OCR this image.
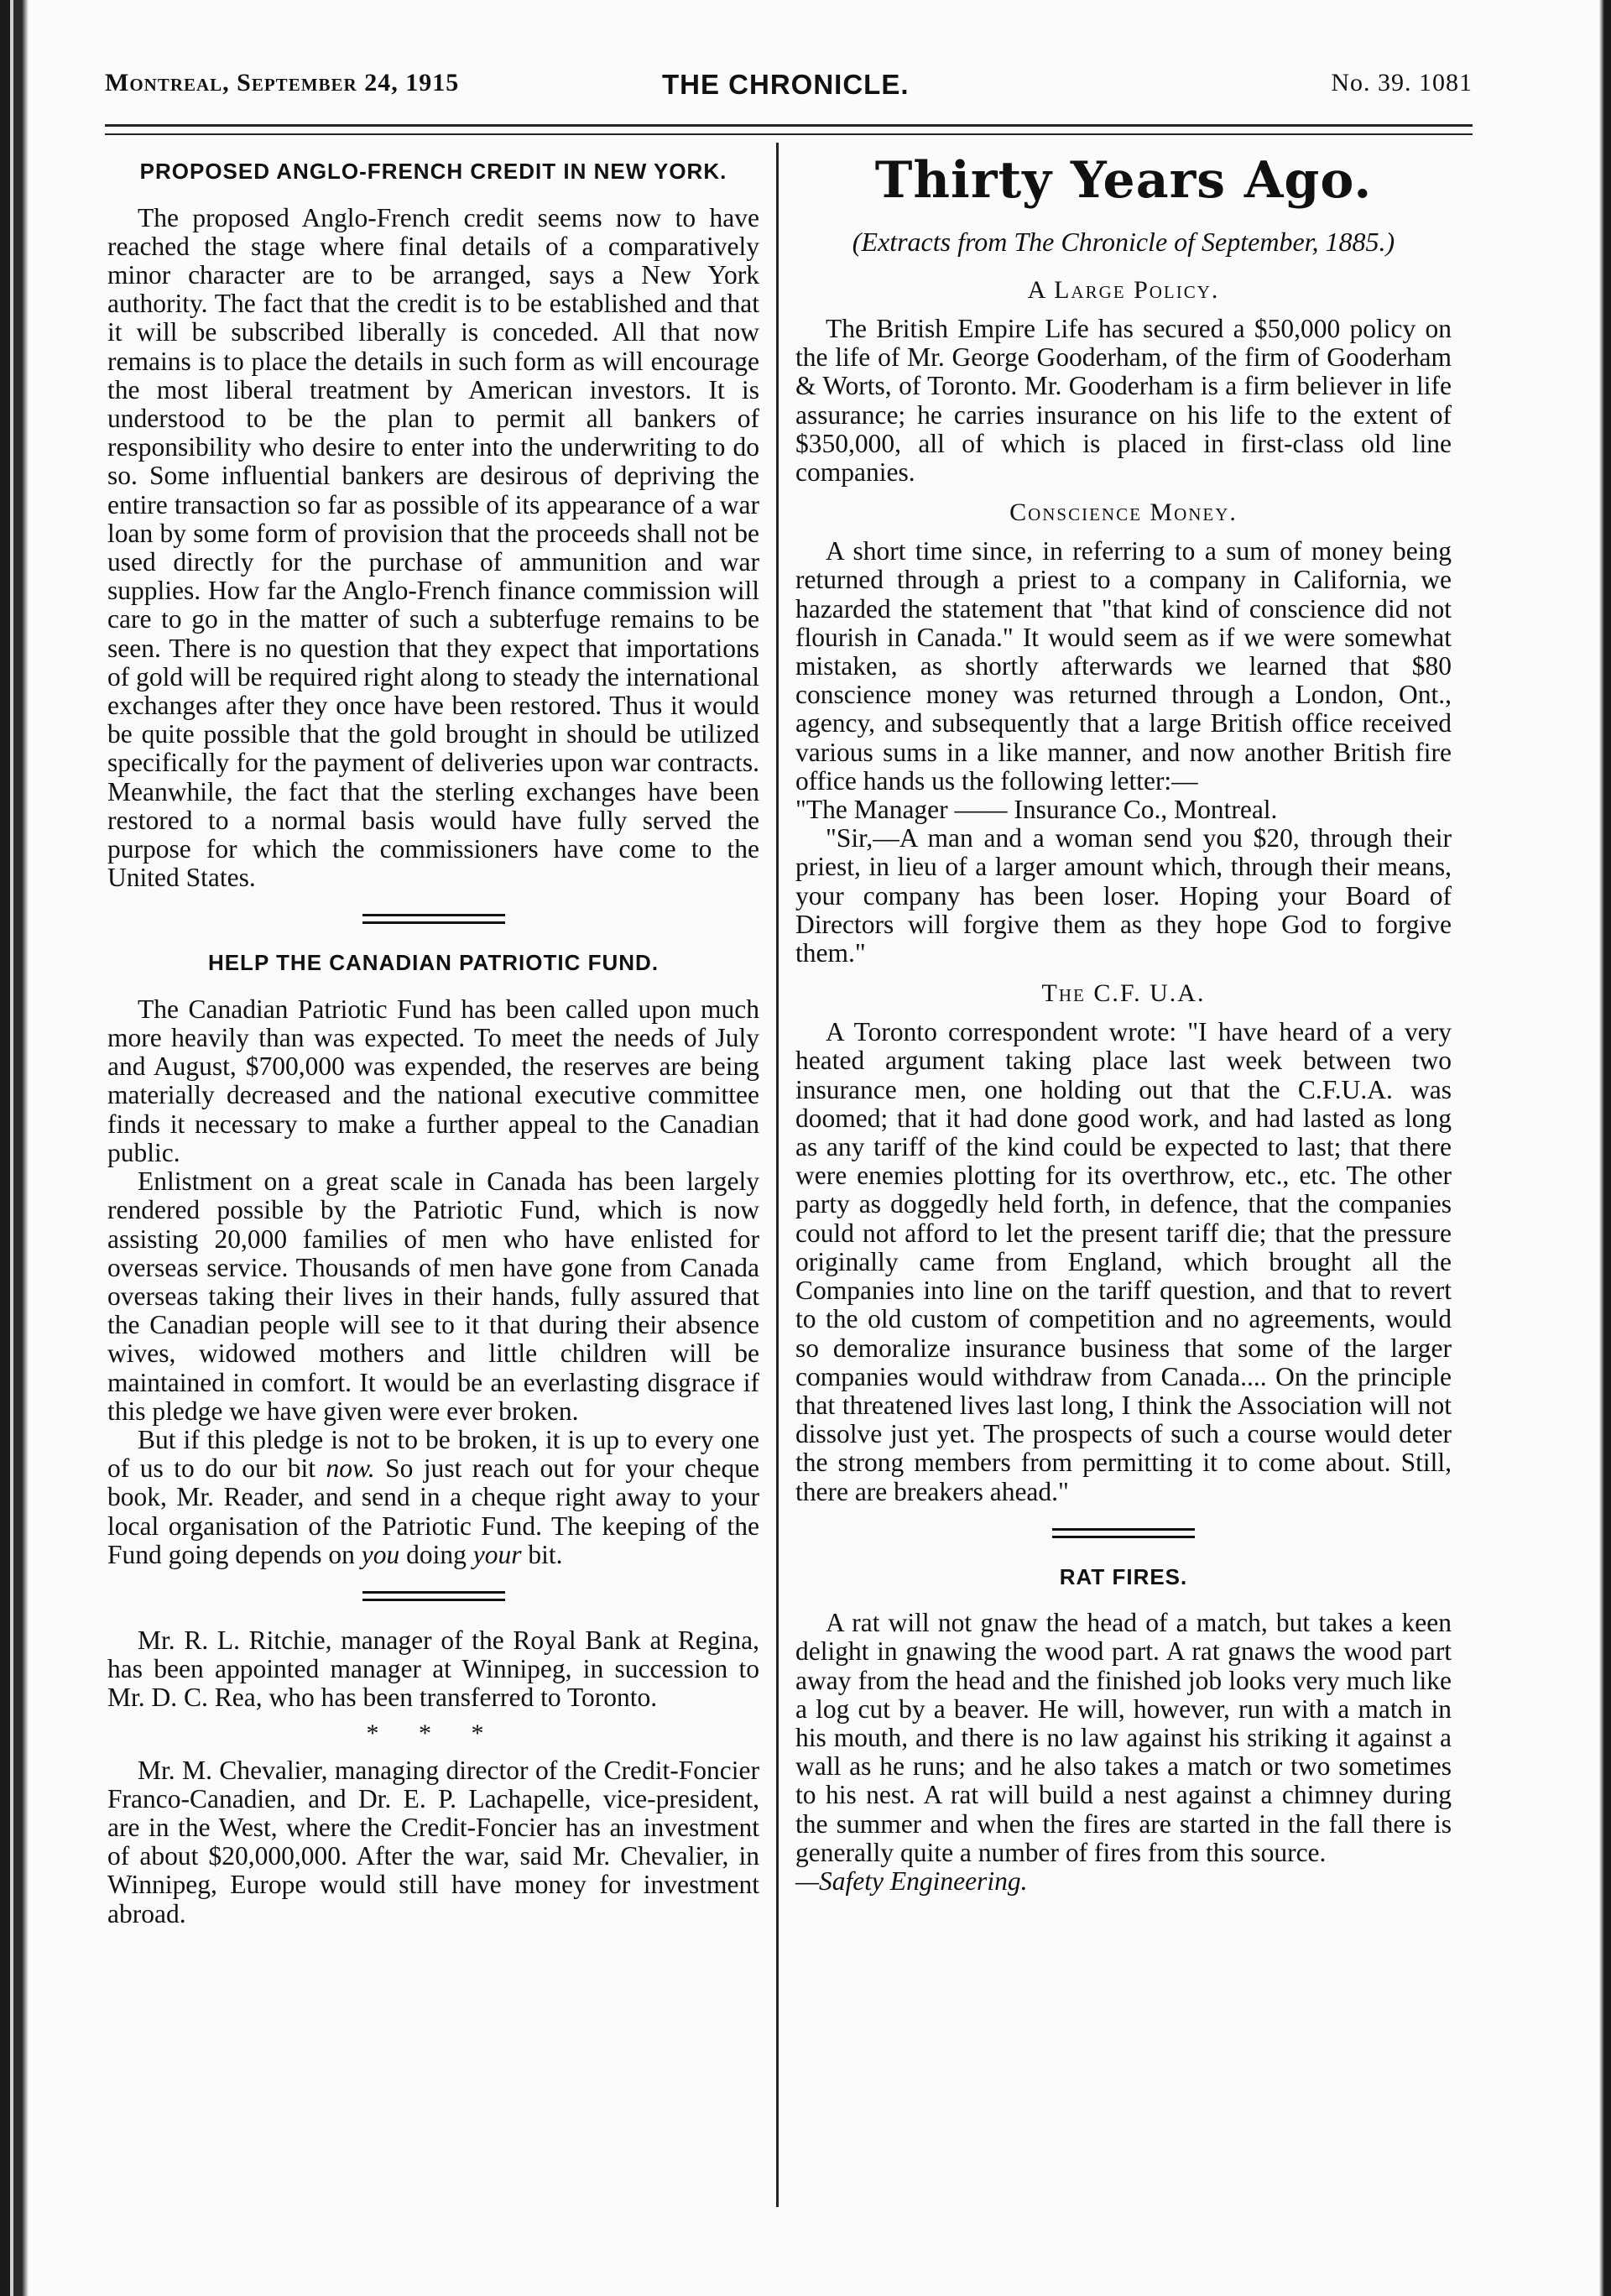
Montreal, September 24, 1915	THE CHRONICLE.	No. 39. 1081
PROPOSED ANGLO-FRENCH CREDIT IN NEW YORK.

The proposed Anglo-French credit seems now to have reached the stage where final details of a comparatively minor character are to be arranged, says a New York authority. The fact that the credit is to be established and that it will be subscribed liberally is conceded. All that now remains is to place the details in such form as will encourage the most liberal treatment by American investors. It is understood to be the plan to permit all bankers of responsibility who desire to enter into the underwriting to do so. Some influential bankers are desirous of depriving the entire transaction so far as possible of its appearance of a war loan by some form of provision that the proceeds shall not be used directly for the purchase of ammunition and war supplies. How far the Anglo-French finance commission will care to go in the matter of such a subterfuge remains to be seen. There is no question that they expect that importations of gold will be required right along to steady the international exchanges after they once have been restored. Thus it would be quite possible that the gold brought in should be utilized specifically for the payment of deliveries upon war contracts. Meanwhile, the fact that the sterling exchanges have been restored to a normal basis would have fully served the purpose for which the commissioners have come to the United States.

HELP THE CANADIAN PATRIOTIC FUND.

The Canadian Patriotic Fund has been called upon much more heavily than was expected. To meet the needs of July and August, $700,000 was expended, the reserves are being materially decreased and the national executive committee finds it necessary to make a further appeal to the Canadian public.

Enlistment on a great scale in Canada has been largely rendered possible by the Patriotic Fund, which is now assisting 20,000 families of men who have enlisted for overseas service. Thousands of men have gone from Canada overseas taking their lives in their hands, fully assured that the Canadian people will see to it that during their absence wives, widowed mothers and little children will be maintained in comfort. It would be an everlasting disgrace if this pledge we have given were ever broken.

But if this pledge is not to be broken, it is up to every one of us to do our bit now. So just reach out for your cheque book, Mr. Reader, and send in a cheque right away to your local organisation of the Patriotic Fund. The keeping of the Fund going depends on you doing your bit.

Mr. R. L. Ritchie, manager of the Royal Bank at Regina, has been appointed manager at Winnipeg, in succession to Mr. D. C. Rea, who has been transferred to Toronto.

* * *

Mr. M. Chevalier, managing director of the Credit-Foncier Franco-Canadien, and Dr. E. P. Lachapelle, vice-president, are in the West, where the Credit-Foncier has an investment of about $20,000,000. After the war, said Mr. Chevalier, in Winnipeg, Europe would still have money for investment abroad.

Thirty Years Ago.
(Extracts from The Chronicle of September, 1885.)
A Large Policy.

The British Empire Life has secured a $50,000 policy on the life of Mr. George Gooderham, of the firm of Gooderham & Worts, of Toronto. Mr. Gooderham is a firm believer in life assurance; he carries insurance on his life to the extent of $350,000, all of which is placed in first-class old line companies.

Conscience Money.

A short time since, in referring to a sum of money being returned through a priest to a company in California, we hazarded the statement that "that kind of conscience did not flourish in Canada." It would seem as if we were somewhat mistaken, as shortly afterwards we learned that $80 conscience money was returned through a London, Ont., agency, and subsequently that a large British office received various sums in a like manner, and now another British fire office hands us the following letter:—

"The Manager —— Insurance Co., Montreal.

"Sir,—A man and a woman send you $20, through their priest, in lieu of a larger amount which, through their means, your company has been loser. Hoping your Board of Directors will forgive them as they hope God to forgive them."

The C.F. U.A.

A Toronto correspondent wrote: "I have heard of a very heated argument taking place last week between two insurance men, one holding out that the C.F.U.A. was doomed; that it had done good work, and had lasted as long as any tariff of the kind could be expected to last; that there were enemies plotting for its overthrow, etc., etc. The other party as doggedly held forth, in defence, that the companies could not afford to let the present tariff die; that the pressure originally came from England, which brought all the Companies into line on the tariff question, and that to revert to the old custom of competition and no agreements, would so demoralize insurance business that some of the larger companies would withdraw from Canada.... On the principle that threatened lives last long, I think the Association will not dissolve just yet. The prospects of such a course would deter the strong members from permitting it to come about. Still, there are breakers ahead."

RAT FIRES.

A rat will not gnaw the head of a match, but takes a keen delight in gnawing the wood part. A rat gnaws the wood part away from the head and the finished job looks very much like a log cut by a beaver. He will, however, run with a match in his mouth, and there is no law against his striking it against a wall as he runs; and he also takes a match or two sometimes to his nest. A rat will build a nest against a chimney during the summer and when the fires are started in the fall there is generally quite a number of fires from this source.

—Safety Engineering.
